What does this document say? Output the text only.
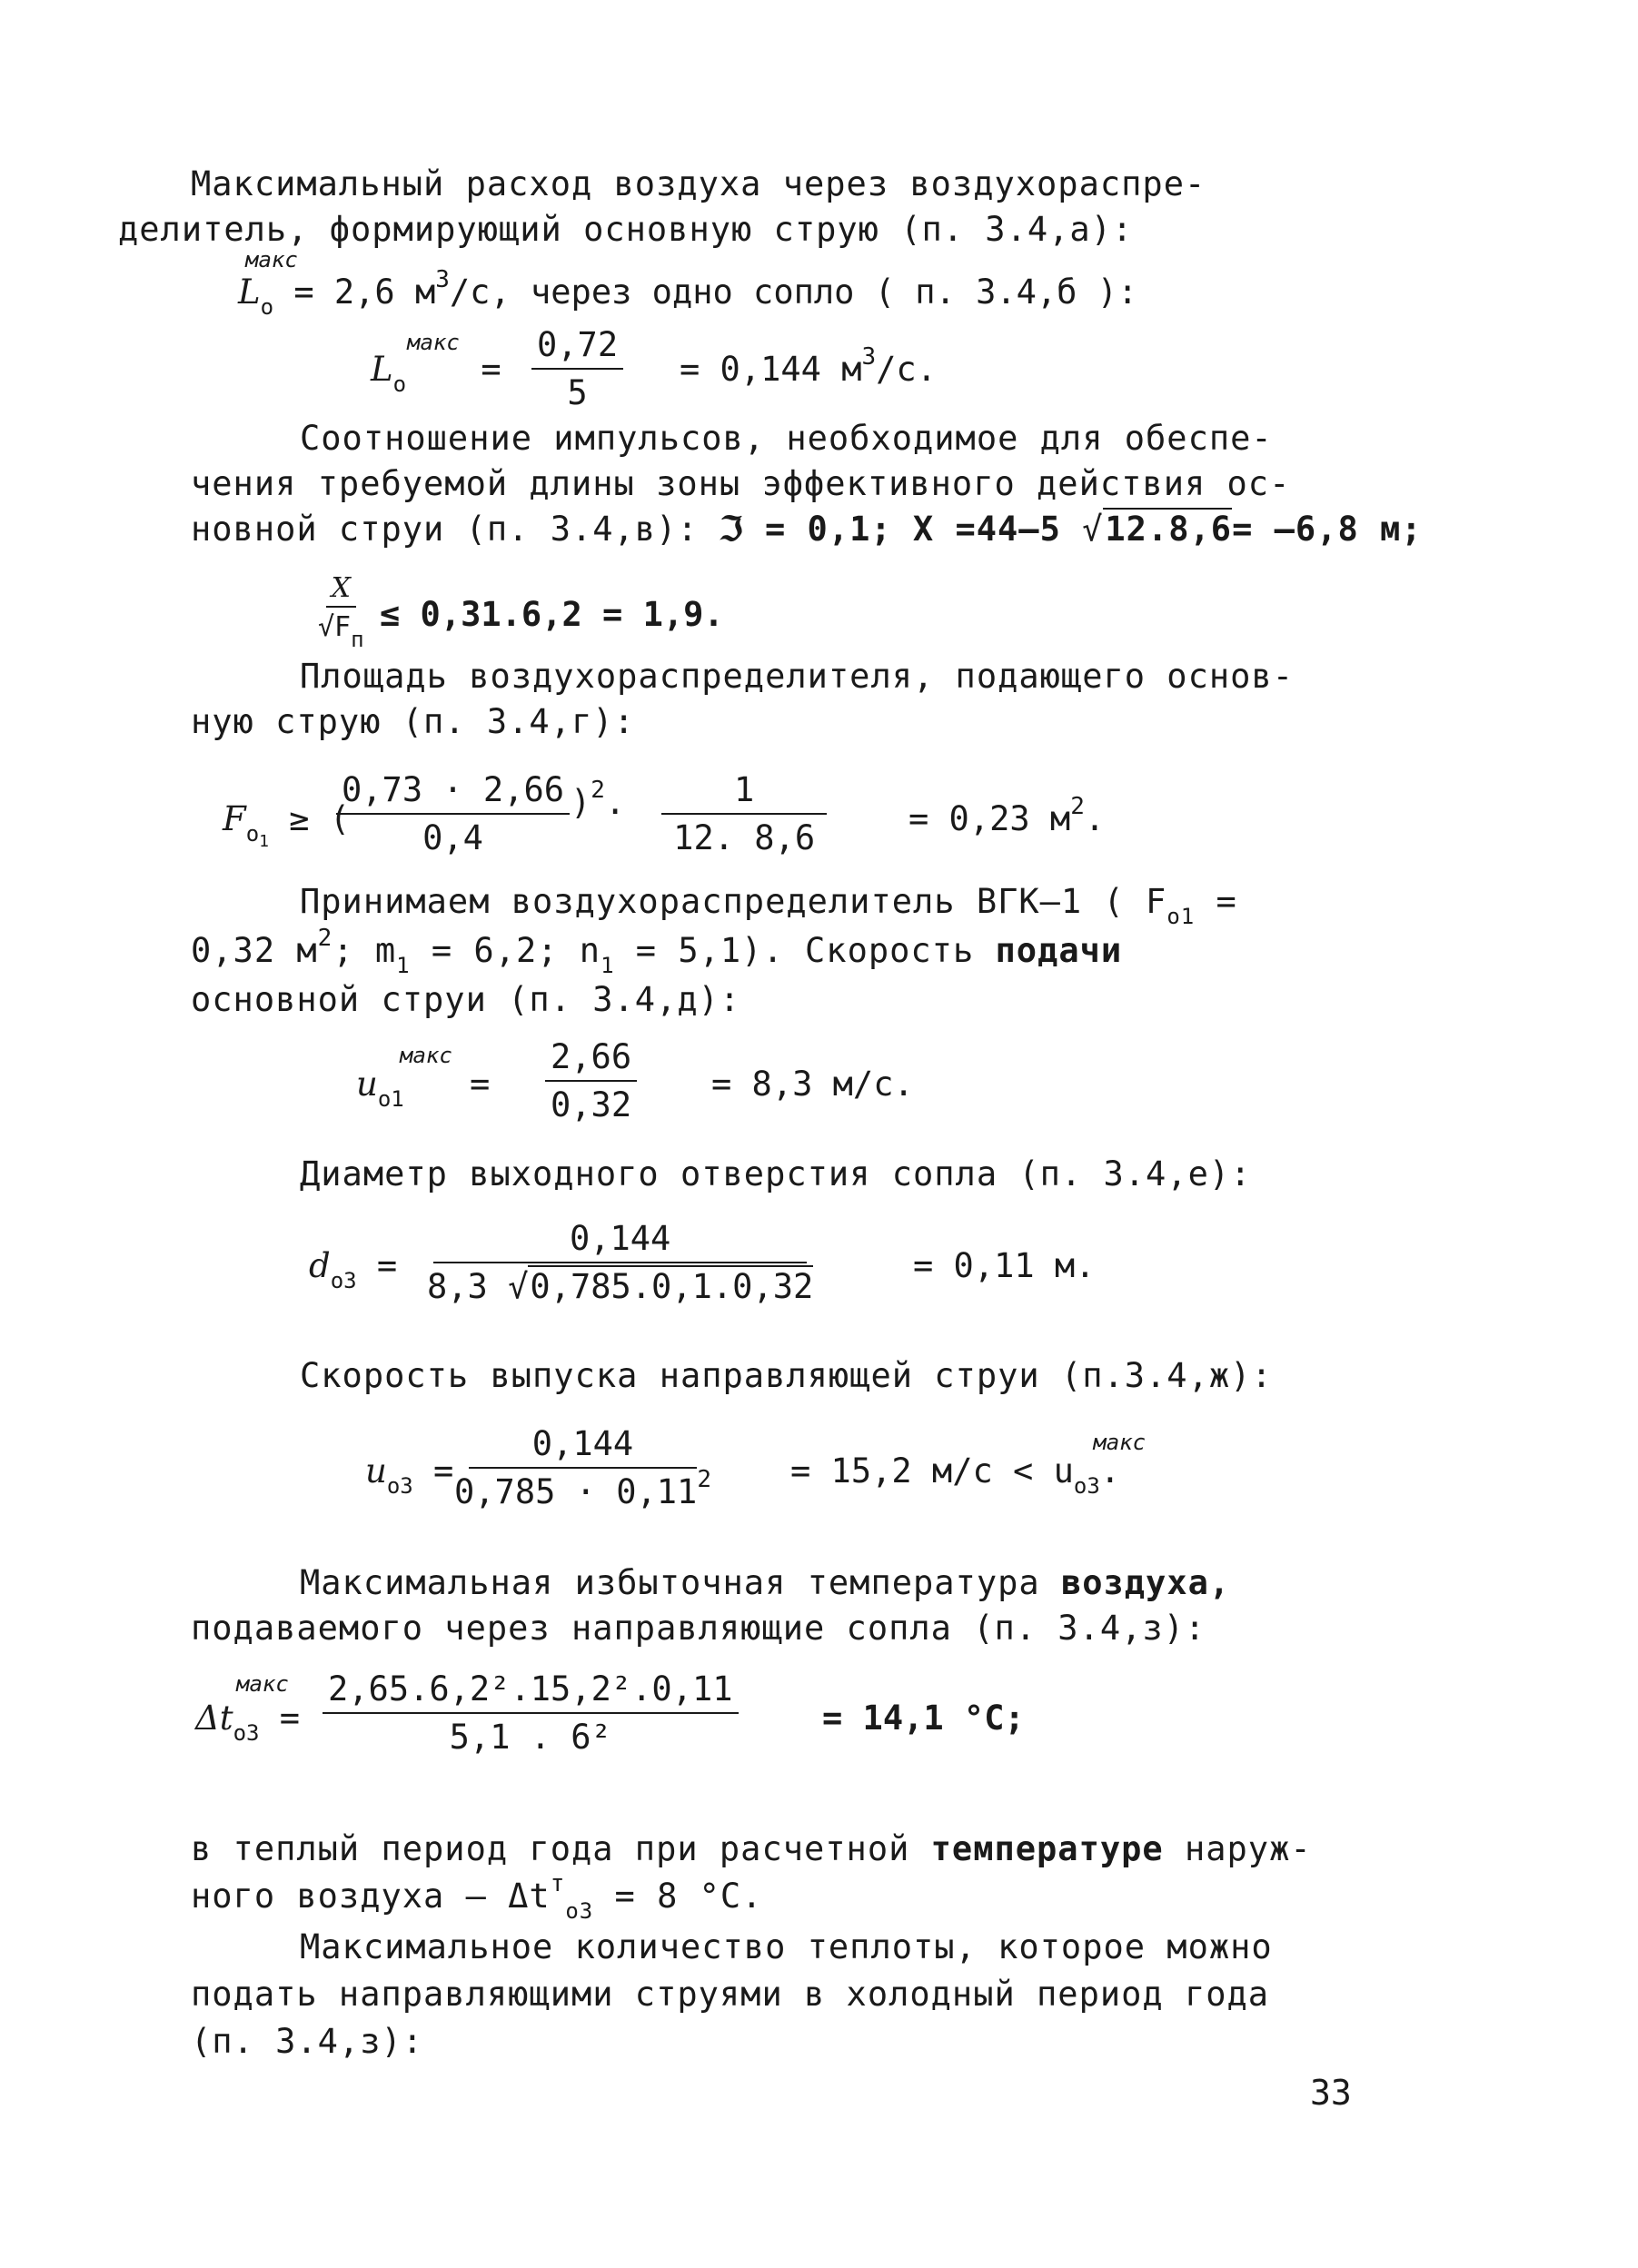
Максимальный расход воздуха через воздухораспре-
делитель, формирующий основную струю (п. 3.4,а):
макс
$L_o = 2,6$ $м^3/с$, через одно сопло ( п. 3.4,б ):
макс
$L_o = \frac{0,72}{5} = 0,144$ $м^3/с$.
Соотношение импульсов, необходимое для обеспе-
чения требуемой длины зоны эффективного действия ос-
новной струи (п. 3.4,в): ℑ = 0,1; X =44–5 √12.8,6= –6,8 м;
X
$√F_п$
≤ 0,31.6,2 = 1,9.
Площадь воздухораспределителя, подающего основ-
ную струю (п. 3.4,г):
$F_{o1}$ ≥ (
$\frac{0,73 \cdot 2,66}{0,4} )^2$. $\frac{1}{12. 8,6} = 0,23$ $м^2$.
Принимаем воздухораспределитель ВГК–1 ( $F_{o1}$ =
0,32 $м^2$; $m_1 = 6,2$; $n_1 = 5,1$). Скорость подачи
основной струи (п. 3.4,д):
макс
$u_{o1} = \frac{2,66}{0,32} = 8,3$ м/с.
Диаметр выходного отверстия сопла (п. 3.4,е):
$d_{o3} = \frac{0,144}{8,3 √0,785.0,1.0,32}$	= 0,11 м.
Скорость выпуска направляющей струи (п.3.4,ж):
$u_{o3} = \frac{0,144}{0,785 \cdot 0,11^2} = 15,2$ $м/с < u_{o3}$
макс
.
Максимальная избыточная температура воздуха,
подаваемого через направляющие сопла (п. 3.4,з):
макс
$\Delta t_{o3} = \frac{\text{2,65.6,2².15,2².0,11}}{\text{5,1 . 6²}} = 14,1$ °С;
в теплый период года при расчетной температуре наруж-
ного воздуха – $\Delta t^т_{o3} = 8$ °С.
Максимальное количество теплоты, которое можно
подать направляющими струями в холодный период года
(п. 3.4,з):
33
